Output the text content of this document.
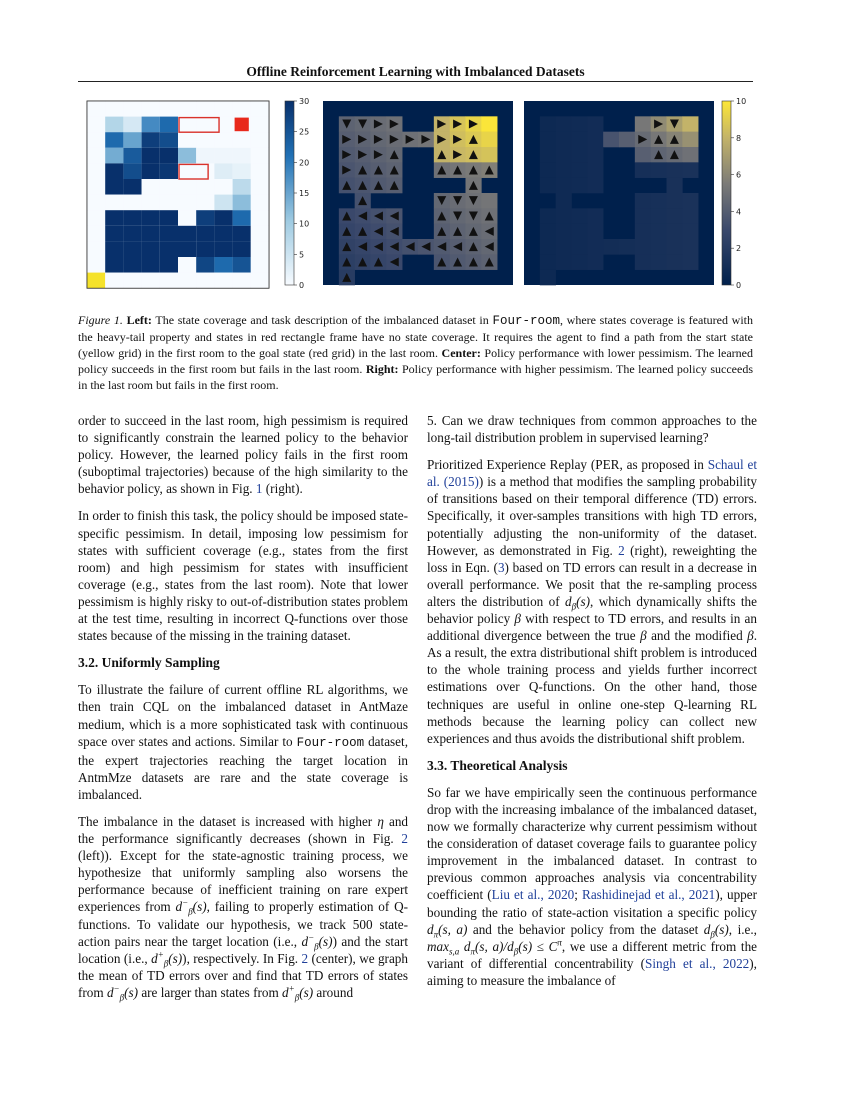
Offline Reinforcement Learning with Imbalanced Datasets
30
25
20
15
10
5
0
10
8
6
4
2
0
Figure 1. Left: The state coverage and task description of the imbalanced dataset in Four-room, where states coverage is featured with the heavy-tail property and states in red rectangle frame have no state coverage. It requires the agent to find a path from the start state (yellow grid) in the first room to the goal state (red grid) in the last room. Center: Policy performance with lower pessimism. The learned policy succeeds in the first room but fails in the last room. Right: Policy performance with higher pessimism. The learned policy succeeds in the last room but fails in the first room.

order to succeed in the last room, high pessimism is required to significantly constrain the learned policy to the behavior policy. However, the learned policy fails in the first room (suboptimal trajectories) because of the high similarity to the behavior policy, as shown in Fig. 1 (right).

In order to finish this task, the policy should be imposed state-specific pessimism. In detail, imposing low pessimism for states with sufficient coverage (e.g., states from the first room) and high pessimism for states with insufficient coverage (e.g., states from the last room). Note that lower pessimism is highly risky to out-of-distribution states problem at the test time, resulting in incorrect Q-functions over those states because of the missing in the training dataset.

3.2. Uniformly Sampling

To illustrate the failure of current offline RL algorithms, we then train CQL on the imbalanced dataset in AntMaze medium, which is a more sophisticated task with continuous space over states and actions. Similar to Four-room dataset, the expert trajectories reaching the target location in AntmMze datasets are rare and the state coverage is imbalanced.

The imbalance in the dataset is increased with higher η and the performance significantly decreases (shown in Fig. 2 (left)). Except for the state-agnostic training process, we hypothesize that uniformly sampling also worsens the performance because of inefficient training on rare expert experiences from $d^-_\beta(s)$, failing to properly estimation of Q-functions. To validate our hypothesis, we track 500 state-action pairs near the target location (i.e., $d^-_\beta(s)$) and the start location (i.e., $d^+_\beta(s)$), respectively. In Fig. 2 (center), we graph the mean of TD errors over and find that TD errors of states from $d^-_\beta(s)$ are larger than states from $d^+_\beta(s)$ around

5. Can we draw techniques from common approaches to the long-tail distribution problem in supervised learning?

Prioritized Experience Replay (PER, as proposed in Schaul et al. (2015)) is a method that modifies the sampling probability of transitions based on their temporal difference (TD) errors. Specifically, it over-samples transitions with high TD errors, potentially adjusting the non-uniformity of the dataset. However, as demonstrated in Fig. 2 (right), reweighting the loss in Eqn. (3) based on TD errors can result in a decrease in overall performance. We posit that the re-sampling process alters the distribution of $d_\beta(s)$, which dynamically shifts the behavior policy β with respect to TD errors, and results in an additional divergence between the true β and the modified β. As a result, the extra distributional shift problem is introduced to the whole training process and yields further incorrect estimations over Q-functions. On the other hand, those techniques are useful in online one-step Q-learning RL methods because the learning policy can collect new experiences and thus avoids the distributional shift problem.

3.3. Theoretical Analysis

So far we have empirically seen the continuous performance drop with the increasing imbalance of the imbalanced dataset, now we formally characterize why current pessimism without the consideration of dataset coverage fails to guarantee policy improvement in the imbalanced dataset. In contrast to previous common approaches analysis via concentrability coefficient (Liu et al., 2020; Rashidinejad et al., 2021), upper bounding the ratio of state-action visitation a specific policy $d_\pi(s$, a) and the behavior policy from the dataset $d_\beta(s)$, i.e., $\max_{s,a} d_\pi(s$, $a)/d_\beta(s) \le C^\pi$, we use a different metric from the variant of differential concentrability (Singh et al., 2022), aiming to measure the imbalance of
